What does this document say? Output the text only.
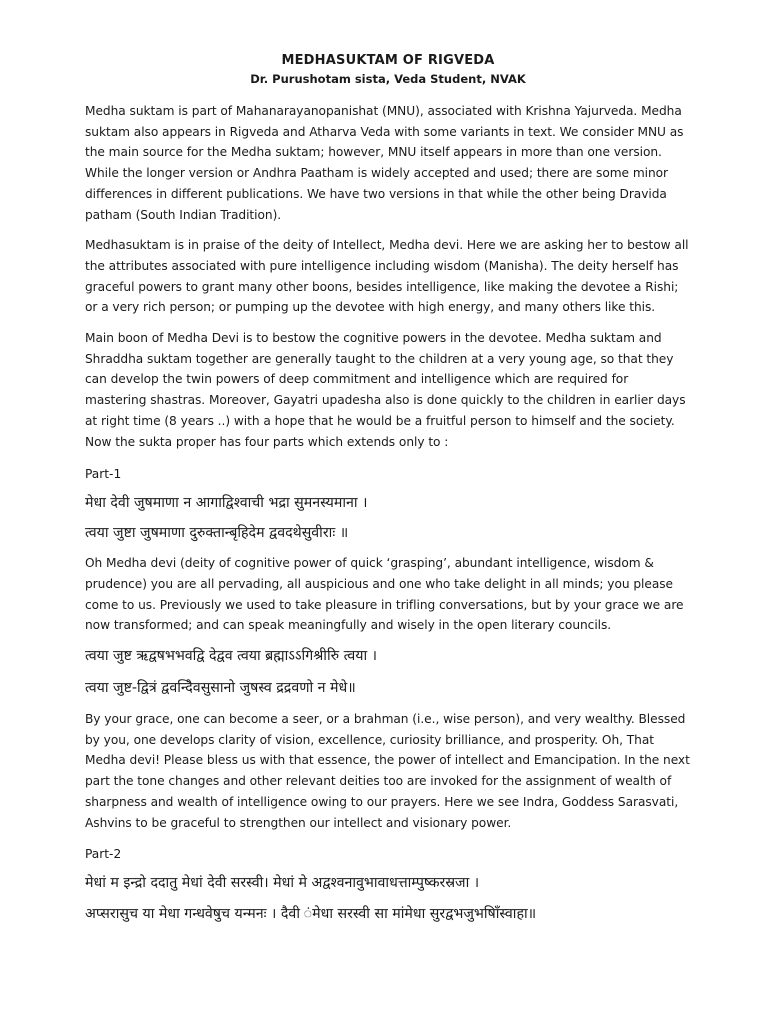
MEDHASUKTAM OF RIGVEDA

Dr. Purushotam sista, Veda Student, NVAK

Medha suktam is part of Mahanarayanopanishat (MNU), associated with Krishna Yajurveda. Medha suktam also appears in Rigveda and Atharva Veda with some variants in text. We consider MNU as the main source for the Medha suktam; however, MNU itself appears in more than one version. While the longer version or Andhra Paatham is widely accepted and used; there are some minor differences in different publications. We have two versions in that while the other being Dravida patham (South Indian Tradition).

Medhasuktam is in praise of the deity of Intellect, Medha devi. Here we are asking her to bestow all the attributes associated with pure intelligence including wisdom (Manisha). The deity herself has graceful powers to grant many other boons, besides intelligence, like making the devotee a Rishi; or a very rich person; or pumping up the devotee with high energy, and many others like this.

Main boon of Medha Devi is to bestow the cognitive powers in the devotee. Medha suktam and Shraddha suktam together are generally taught to the children at a very young age, so that they can develop the twin powers of deep commitment and intelligence which are required for mastering shastras. Moreover, Gayatri upadesha also is done quickly to the children in earlier days at right time (8 years ..) with a hope that he would be a fruitful person to himself and the society. Now the sukta proper has four parts which extends only to :

Part-1

मेधा देवी जुषमाणा न आगाद्विश्वाची भद्रा सुमनस्यमाना ।

त्वया जुष्टा जुषमाणा दुरुक्तान्बृहिदेम द्ववदथेसुवीराः ॥

Oh Medha devi (deity of cognitive power of quick ‘grasping’, abundant intelligence, wisdom & prudence) you are all pervading, all auspicious and one who take delight in all minds; you please come to us. Previously we used to take pleasure in trifling conversations, but by your grace we are now transformed; and can speak meaningfully and wisely in the open literary councils.

त्वया जुष्ट ऋद्वषभभवद्वि देद्वव त्वया ब्रह्माऽऽगिश्रीरुि त्वया ।

त्वया जुष्ट-द्वित्रं द्ववन्दैिवसुसानो जुषस्व द्रद्रवणो न मेधे॥

By your grace, one can become a seer, or a brahman (i.e., wise person), and very wealthy. Blessed by you, one develops clarity of vision, excellence, curiosity brilliance, and prosperity. Oh, That Medha devi! Please bless us with that essence, the power of intellect and Emancipation. In the next part the tone changes and other relevant deities too are invoked for the assignment of wealth of sharpness and wealth of intelligence owing to our prayers. Here we see Indra, Goddess Sarasvati, Ashvins to be graceful to strengthen our intellect and visionary power.

Part-2

मेधां म इन्द्रो ददातु मेधां देवी सरस्वी। मेधां मे अद्वश्वनावुभावाधत्ताम्पुष्करस्रजा ।

अप्सरासुच या मेधा गन्धवेषुच यन्मनः । दैवी ंमेधा सरस्वी सा मांमेधा सुरद्वभजुभषिाँस्वाहा॥
